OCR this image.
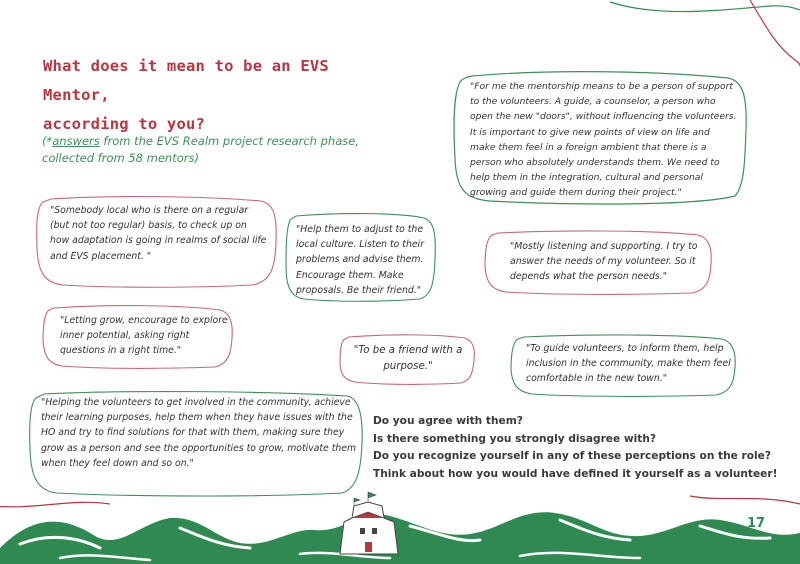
What does it mean to be an EVS Mentor,
according to you?
(*answers from the EVS Realm project research phase, collected from 58 mentors)
"For me the mentorship means to be a person of support to the volunteers. A guide, a counselor, a person who open the new "doors", without influencing the volunteers. It is important to give new points of view on life and make them feel in a foreign ambient that there is a person who absolutely understands them. We need to help them in the integration, cultural and personal growing and guide them during their project."
"Somebody local who is there on a regular (but not too regular) basis, to check up on how adaptation is going in realms of social life and EVS placement. "
"Help them to adjust to the local culture. Listen to their problems and advise them. Encourage them. Make proposals. Be their friend."
"Mostly listening and supporting. I try to answer the needs of my volunteer. So it depends what the person needs."
"Letting grow, encourage to explore inner potential, asking right questions in a right time."	"To be a friend with a purpose."
"To guide volunteers, to inform them, help inclusion in the community, make them feel comfortable in the new town."
"Helping the volunteers to get involved in the community, achieve their learning purposes, help them when they have issues with the HO and try to find solutions for that with them, making sure they grow as a person and see the opportunities to grow, motivate them when they feel down and so on."
Do you agree with them?
Is there something you strongly disagree with?
Do you recognize yourself in any of these perceptions on the role?
Think about how you would have defined it yourself as a volunteer!
17
